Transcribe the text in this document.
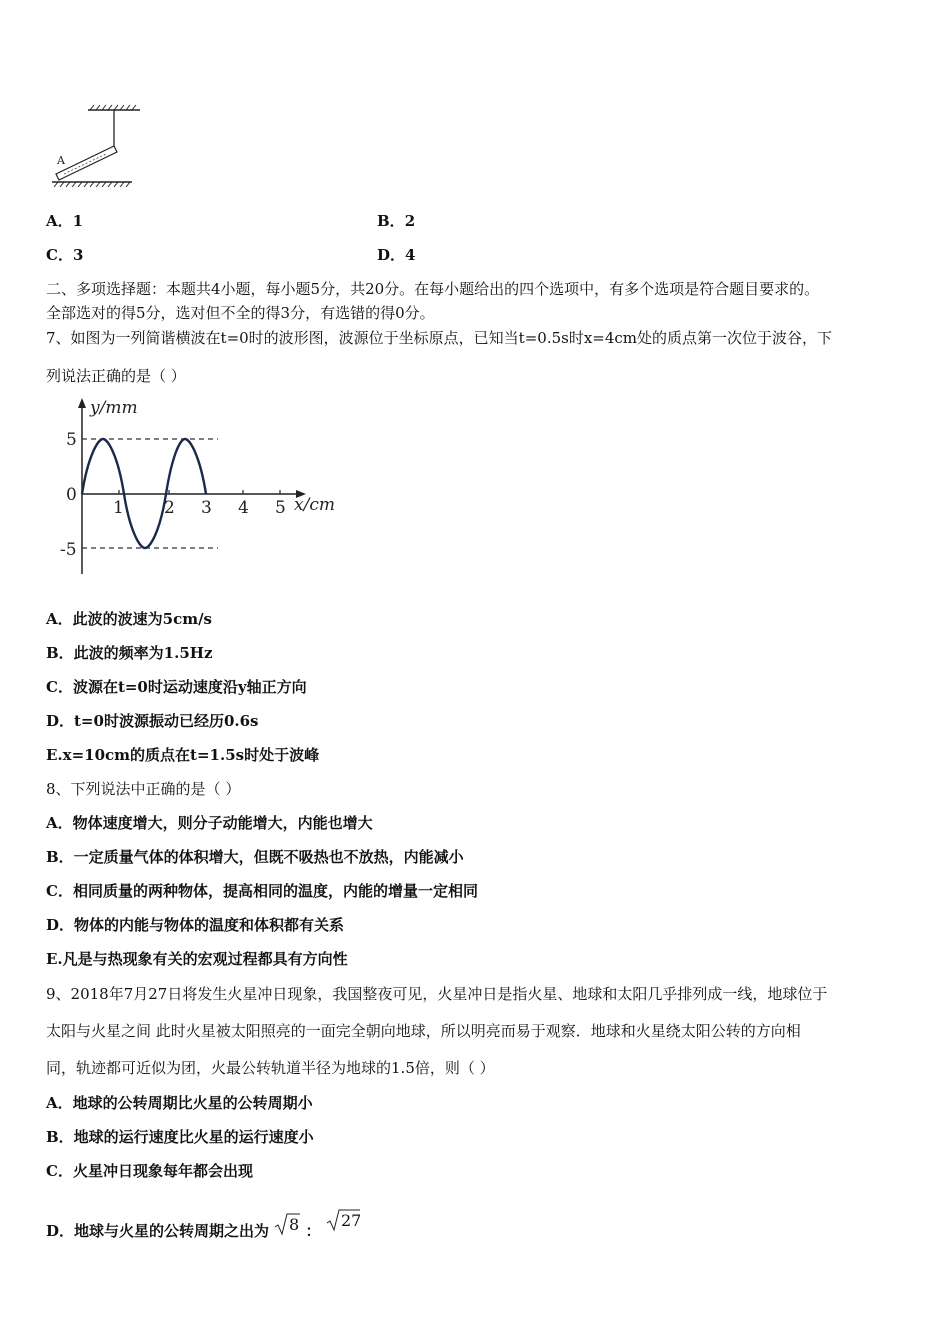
A
A．1	B．2
C．3	D．4
二、多项选择题：本题共4小题，每小题5分，共20分。在每小题给出的四个选项中，有多个选项是符合题目要求的。
全部选对的得5分，选对但不全的得3分，有选错的得0分。
7、如图为一列简谐横波在t=0时的波形图，波源位于坐标原点，已知当t=0.5s时x=4cm处的质点第一次位于波谷，下
列说法正确的是（ ）
y/mm
x/cm
5
0
-5
1 2 3 4 5
A．此波的波速为5cm/s
B．此波的频率为1.5Hz
C．波源在t=0时运动速度沿y轴正方向
D．t=0时波源振动已经历0.6s
E.x=10cm的质点在t=1.5s时处于波峰
8、下列说法中正确的是（ ）
A．物体速度增大，则分子动能增大，内能也增大
B．一定质量气体的体积增大，但既不吸热也不放热，内能减小
C．相同质量的两种物体，提高相同的温度，内能的增量一定相同
D．物体的内能与物体的温度和体积都有关系
E.凡是与热现象有关的宏观过程都具有方向性
9、2018年7月27日将发生火星冲日现象，我国整夜可见，火星冲日是指火星、地球和太阳几乎排列成一线，地球位于
太阳与火星之间 此时火星被太阳照亮的一面完全朝向地球，所以明亮而易于观察．地球和火星绕太阳公转的方向相
同，轨迹都可近似为团，火最公转轨道半径为地球的1.5倍，则（ ）
A．地球的公转周期比火星的公转周期小
B．地球的运行速度比火星的运行速度小
C．火星冲日现象每年都会出现
D．地球与火星的公转周期之出为 8 ：
27
